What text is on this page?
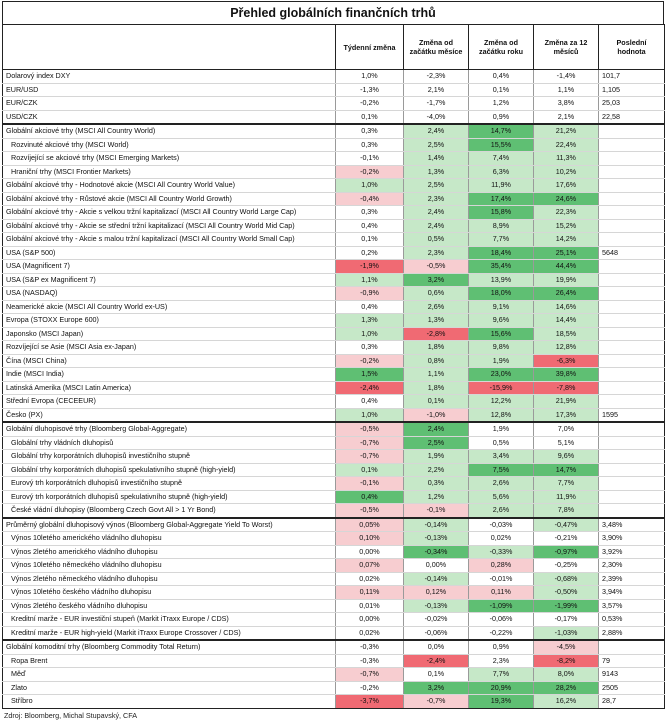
Přehled globálních finančních trhů
	Týdenní změna	Změna od začátku měsíce	Změna od začátku roku	Změna za 12 měsíců	Poslední hodnota
Dolarový index DXY	1,0%	-2,3%	0,4%	-1,4%	101,7
EUR/USD	-1,3%	2,1%	0,1%	1,1%	1,105
EUR/CZK	-0,2%	-1,7%	1,2%	3,8%	25,03
USD/CZK	0,1%	-4,0%	0,9%	2,1%	22,58
Globální akciové trhy (MSCI All Country World)	0,3%	2,4%	14,7%	21,2%	
Rozvinuté akciové trhy (MSCI World)	0,3%	2,5%	15,5%	22,4%	
Rozvíjející se akciové trhy (MSCI Emerging Markets)	-0,1%	1,4%	7,4%	11,3%	
Hraniční trhy (MSCI Frontier Markets)	-0,2%	1,3%	6,3%	10,2%	
Globální akciové trhy - Hodnotové akcie (MSCI All Country World Value)	1,0%	2,5%	11,9%	17,6%	
Globální akciové trhy - Růstové akcie (MSCI All Country World Growth)	-0,4%	2,3%	17,4%	24,6%	
Globální akciové trhy - Akcie s velkou tržní kapitalizací (MSCI All Country World Large Cap)	0,3%	2,4%	15,8%	22,3%	
Globální akciové trhy - Akcie se střední tržní kapitalizací (MSCI All Country World Mid Cap)	0,4%	2,4%	8,9%	15,2%	
Globální akciové trhy - Akcie s malou tržní kapitalizací (MSCI All Country World Small Cap)	0,1%	0,5%	7,7%	14,2%	
USA (S&P 500)	0,2%	2,3%	18,4%	25,1%	5648
USA (Magnificent 7)	-1,9%	-0,5%	35,4%	44,4%	
USA (S&P ex Magnificent 7)	1,1%	3,2%	13,9%	19,9%	
USA (NASDAQ)	-0,9%	0,6%	18,0%	26,4%	
Neamerické akcie (MSCI All Country World ex-US)	0,4%	2,6%	9,1%	14,6%	
Evropa (STOXX Europe 600)	1,3%	1,3%	9,6%	14,4%	
Japonsko (MSCI Japan)	1,0%	-2,8%	15,6%	18,5%	
Rozvíjející se Asie (MSCI Asia ex-Japan)	0,3%	1,8%	9,8%	12,8%	
Čína (MSCI China)	-0,2%	0,8%	1,9%	-6,3%	
Indie (MSCI India)	1,5%	1,1%	23,0%	39,8%	
Latinská Amerika (MSCI Latin America)	-2,4%	1,8%	-15,9%	-7,8%	
Střední Evropa (CECEEUR)	0,4%	0,1%	12,2%	21,9%	
Česko (PX)	1,0%	-1,0%	12,8%	17,3%	1595
Globální dluhopisové trhy (Bloomberg Global-Aggregate)	-0,5%	2,4%	1,9%	7,0%	
Globální trhy vládních dluhopisů	-0,7%	2,5%	0,5%	5,1%	
Globální trhy korporátních dluhopisů investičního stupně	-0,7%	1,9%	3,4%	9,6%	
Globální trhy korporátních dluhopisů spekulativního stupně (high-yield)	0,1%	2,2%	7,5%	14,7%	
Eurový trh korporátních dluhopisů investičního stupně	-0,1%	0,3%	2,6%	7,7%	
Eurový trh korporátních dluhopisů spekulativního stupně (high-yield)	0,4%	1,2%	5,6%	11,9%	
České vládní dluhopisy (Bloomberg Czech Govt All > 1 Yr Bond)	-0,5%	-0,1%	2,6%	7,8%	
Průměrný globální dluhopisový výnos (Bloomberg Global-Aggregate Yield To Worst)	0,05%	-0,14%	-0,03%	-0,47%	3,48%
Výnos 10letého amerického vládního dluhopisu	0,10%	-0,13%	0,02%	-0,21%	3,90%
Výnos 2letého amerického vládního dluhopisu	0,00%	-0,34%	-0,33%	-0,97%	3,92%
Výnos 10letého německého vládního dluhopisu	0,07%	0,00%	0,28%	-0,25%	2,30%
Výnos 2letého německého vládního dluhopisu	0,02%	-0,14%	-0,01%	-0,68%	2,39%
Výnos 10letého českého vládního dluhopisu	0,11%	0,12%	0,11%	-0,50%	3,94%
Výnos 2letého českého vládního dluhopisu	0,01%	-0,13%	-1,09%	-1,99%	3,57%
Kreditní marže - EUR investiční stupeň (Markit iTraxx Europe / CDS)	0,00%	-0,02%	-0,06%	-0,17%	0,53%
Kreditní marže - EUR high-yield (Markit iTraxx Europe Crossover / CDS)	0,02%	-0,06%	-0,22%	-1,03%	2,88%
Globální komoditní trhy (Bloomberg Commodity Total Return)	-0,3%	0,0%	0,9%	-4,5%	
Ropa Brent	-0,3%	-2,4%	2,3%	-8,2%	79
Měď	-0,7%	0,1%	7,7%	8,0%	9143
Zlato	-0,2%	3,2%	20,9%	28,2%	2505
Stříbro	-3,7%	-0,7%	19,3%	16,2%	28,7
Zdroj: Bloomberg, Michal Stupavský, CFA
